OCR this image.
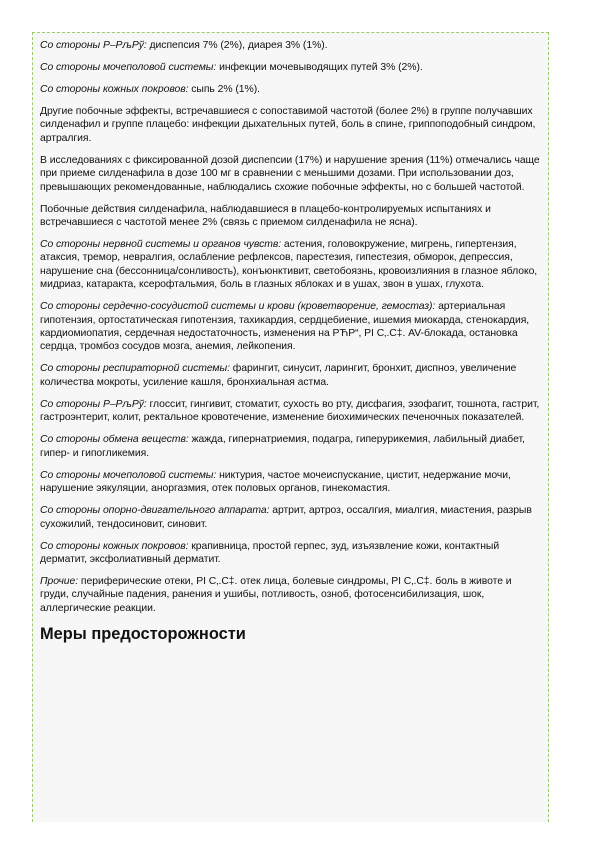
Со стороны Р–РљРў: диспепсия 7% (2%), диарея 3% (1%).

Со стороны мочеполовой системы: инфекции мочевыводящих путей 3% (2%).

Со стороны кожных покровов: сыпь 2% (1%).

Другие побочные эффекты, встречавшиеся с сопоставимой частотой (более 2%) в группе получавших силденафил и группе плацебо: инфекции дыхательных путей, боль в спине, гриппоподобный синдром, артралгия.

В исследованиях с фиксированной дозой диспепсии (17%) и нарушение зрения (11%) отмечались чаще при приеме силденафила в дозе 100 мг в сравнении с меньшими дозами. При использовании доз, превышающих рекомендованные, наблюдались схожие побочные эффекты, но с большей частотой.

Побочные действия силденафила, наблюдавшиеся в плацебо-контролируемых испытаниях и встречавшиеся с частотой менее 2% (связь с приемом силденафила не ясна).

Со стороны нервной системы и органов чувств: астения, головокружение, мигрень, гипертензия, атаксия, тремор, невралгия, ослабление рефлексов, парестезия, гипестезия, обморок, депрессия, нарушение сна (бессонница/сонливость), конъюнктивит, светобоязнь, кровоизлияния в глазное яблоко, мидриаз, катаракта, ксерофтальмия, боль в глазных яблоках и в ушах, звон в ушах, глухота.

Со стороны сердечно-сосудистой системы и крови (кроветворение, гемостаз): артериальная гипотензия, ортостатическая гипотензия, тахикардия, сердцебиение, ишемия миокарда, стенокардия, кардиомиопатия, сердечная недостаточность, изменения на РЋР“, РІ С‚.С‡. AV-блокада, остановка сердца, тромбоз сосудов мозга, анемия, лейкопения.

Со стороны респираторной системы: фарингит, синусит, ларингит, бронхит, диспноэ, увеличение количества мокроты, усиление кашля, бронхиальная астма.

Со стороны Р–РљРў: глоссит, гингивит, стоматит, сухость во рту, дисфагия, эзофагит, тошнота, гастрит, гастроэнтерит, колит, ректальное кровотечение, изменение биохимических печеночных показателей.

Со стороны обмена веществ: жажда, гипернатриемия, подагра, гиперурикемия, лабильный диабет, гипер- и гипогликемия.

Со стороны мочеполовой системы: никтурия, частое мочеиспускание, цистит, недержание мочи, нарушение эякуляции, аноргазмия, отек половых органов, гинекомастия.

Со стороны опорно-двигательного аппарата: артрит, артроз, оссалгия, миалгия, миастения, разрыв сухожилий, тендосиновит, синовит.

Со стороны кожных покровов: крапивница, простой герпес, зуд, изъязвление кожи, контактный дерматит, эксфолиативный дерматит.

Прочие: периферические отеки, РІ С‚.С‡. отек лица, болевые синдромы, РІ С‚.С‡. боль в животе и груди, случайные падения, ранения и ушибы, потливость, озноб, фотосенсибилизация, шок, аллергические реакции.

Меры предосторожности
